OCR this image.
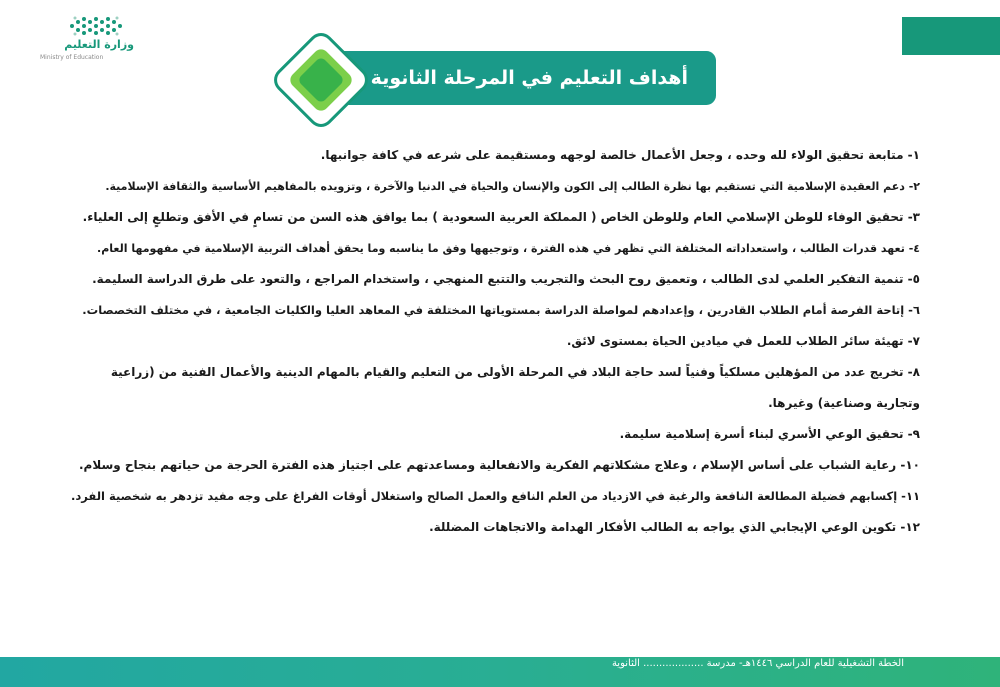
وزارة التعليم
Ministry of Education
أهداف التعليم في المرحلة الثانوية
١- متابعة تحقيق الولاء لله وحده ، وجعل الأعمال خالصة لوجهه ومستقيمة على شرعه في كافة جوانبها.
٢- دعم العقيدة الإسلامية التي تستقيم بها نظرة الطالب إلى الكون والإنسان والحياة في الدنيا والآخرة ، وتزويده بالمفاهيم الأساسية والثقافة الإسلامية.
٣- تحقيق الوفاء للوطن الإسلامي العام وللوطن الخاص ( المملكة العربية السعودية ) بما يوافق هذه السن من تسامٍ في الأفق وتطلعٍ إلى العلياء.
٤- تعهد قدرات الطالب ، واستعداداته المختلفة التي تظهر في هذه الفترة ، وتوجيهها وفق ما يناسبه وما يحقق أهداف التربية الإسلامية في مفهومها العام.
٥- تنمية التفكير العلمي لدى الطالب ، وتعميق روح البحث والتجريب والتتبع المنهجي ، واستخدام المراجع ، والتعود على طرق الدراسة السليمة.
٦- إتاحة الفرصة أمام الطلاب القادرين ، وإعدادهم لمواصلة الدراسة بمستوياتها المختلفة في المعاهد العليا والكليات الجامعية ، في مختلف التخصصات.
٧- تهيئة سائر الطلاب للعمل في ميادين الحياة بمستوى لائق.
٨- تخريج عدد من المؤهلين مسلكياً وفنياً لسد حاجة البلاد في المرحلة الأولى من التعليم والقيام بالمهام الدينية والأعمال الفنية من (زراعية وتجارية وصناعية) وغيرها.
٩- تحقيق الوعي الأسري لبناء أسرة إسلامية سليمة.
١٠- رعاية الشباب على أساس الإسلام ، وعلاج مشكلاتهم الفكرية والانفعالية ومساعدتهم على اجتياز هذه الفترة الحرجة من حياتهم بنجاح وسلام.
١١- إكسابهم فضيلة المطالعة النافعة والرغبة في الازدياد من العلم النافع والعمل الصالح واستغلال أوقات الفراغ على وجه مفيد تزدهر به شخصية الفرد.
١٢- تكوين الوعي الإيجابي الذي يواجه به الطالب الأفكار الهدامة والاتجاهات المضللة.
الخطة التشغيلية للعام الدراسي ١٤٤٦هـ- مدرسة ................... الثانوية
